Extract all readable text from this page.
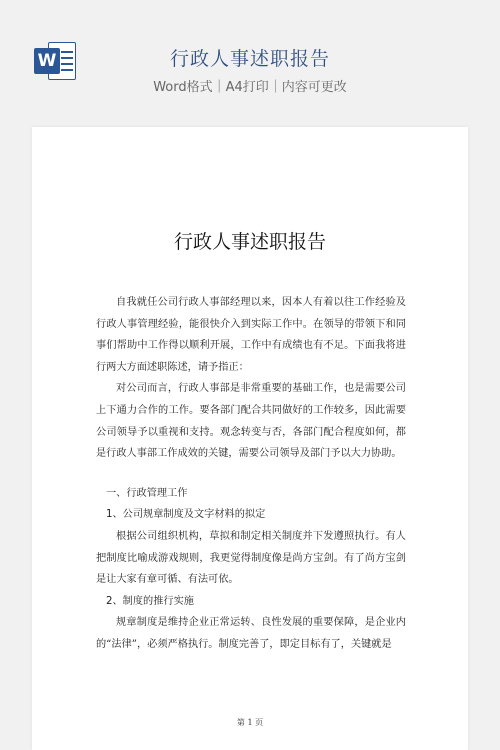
W	行政人事述职报告
Word格式｜A4打印｜内容可更改
行政人事述职报告

自我就任公司行政人事部经理以来，因本人有着以往工作经验及行政人事管理经验，能很快介入到实际工作中。在领导的带领下和同事们帮助中工作得以顺利开展，工作中有成绩也有不足。下面我将进行两大方面述职陈述，请予指正：

对公司而言，行政人事部是非常重要的基础工作，也是需要公司上下通力合作的工作。要各部门配合共同做好的工作较多，因此需要公司领导予以重视和支持。观念转变与否，各部门配合程度如何，都是行政人事部工作成效的关键，需要公司领导及部门予以大力协助。

一、行政管理工作

1、公司规章制度及文字材料的拟定

根据公司组织机构，草拟和制定相关制度并下发遵照执行。有人把制度比喻成游戏规则，我更觉得制度像是尚方宝剑。有了尚方宝剑是让大家有章可循、有法可依。

2、制度的推行实施

规章制度是维持企业正常运转、良性发展的重要保障，是企业内的“法律”，必须严格执行。制度完善了，即定目标有了，关键就是

第 1 页
